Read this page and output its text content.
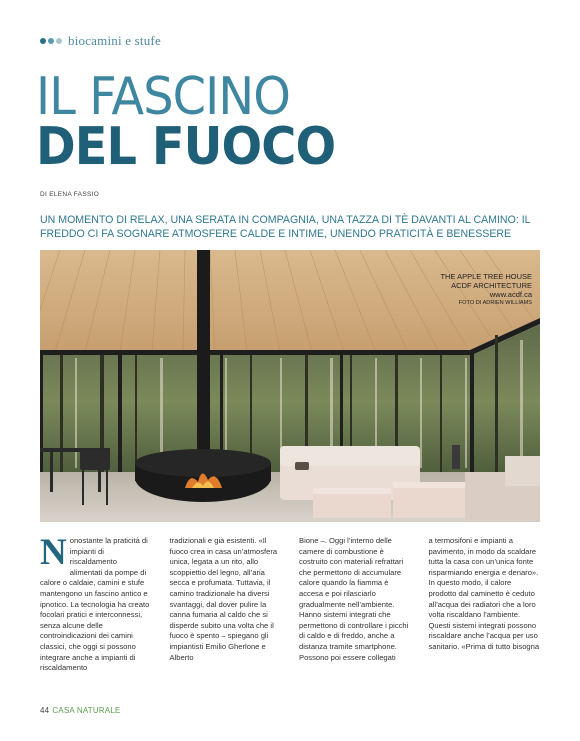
biocamini e stufe
IL FASCINO
DEL FUOCO
DI ELENA FASSIO
UN MOMENTO DI RELAX, UNA SERATA IN COMPAGNIA, UNA TAZZA DI TÈ DAVANTI AL CAMINO: IL FREDDO CI FA SOGNARE ATMOSFERE CALDE E INTIME, UNENDO PRATICITÀ E BENESSERE
THE APPLE TREE HOUSE
ACDF ARCHITECTURE
www.acdf.ca
FOTO DI ADRIEN WILLIAMS
N onostante la praticità di impianti di riscaldamento alimentati da pompe di calore o caldaie, camini e stufe mantengono un fascino antico e ipnotico. La tecnologia ha creato focolari pratici e interconnessi, senza alcune delle controindicazioni dei camini classici, che oggi si possono integrare anche a impianti di riscaldamento

tradizionali e già esistenti. «Il fuoco crea in casa un’atmosfera unica, legata a un rito, allo scoppiettio del legno, all’aria secca e profumata. Tuttavia, il camino tradizionale ha diversi svantaggi, dal dover pulire la canna fumaria al caldo che si disperde subito una volta che il fuoco è spento – spiegano gli impiantisti Emilio Gherlone e Alberto

Bione –. Oggi l’interno delle camere di combustione è costruito con materiali refrattari che permettono di accumulare calore quando la fiamma è accesa e poi rilasciarlo gradualmente nell’ambiente. Hanno sistemi integrati che permettono di controllare i picchi di caldo e di freddo, anche a distanza tramite smartphone. Possono poi essere collegati

a termosifoni e impianti a pavimento, in modo da scaldare tutta la casa con un’unica fonte risparmiando energia e denaro». In questo modo, il calore prodotto dal caminetto è ceduto all’acqua dei radiatori che a loro volta riscaldano l’ambiente. Questi sistemi integrati possono riscaldare anche l’acqua per uso sanitario. «Prima di tutto bisogna

44 CASA NATURALE
